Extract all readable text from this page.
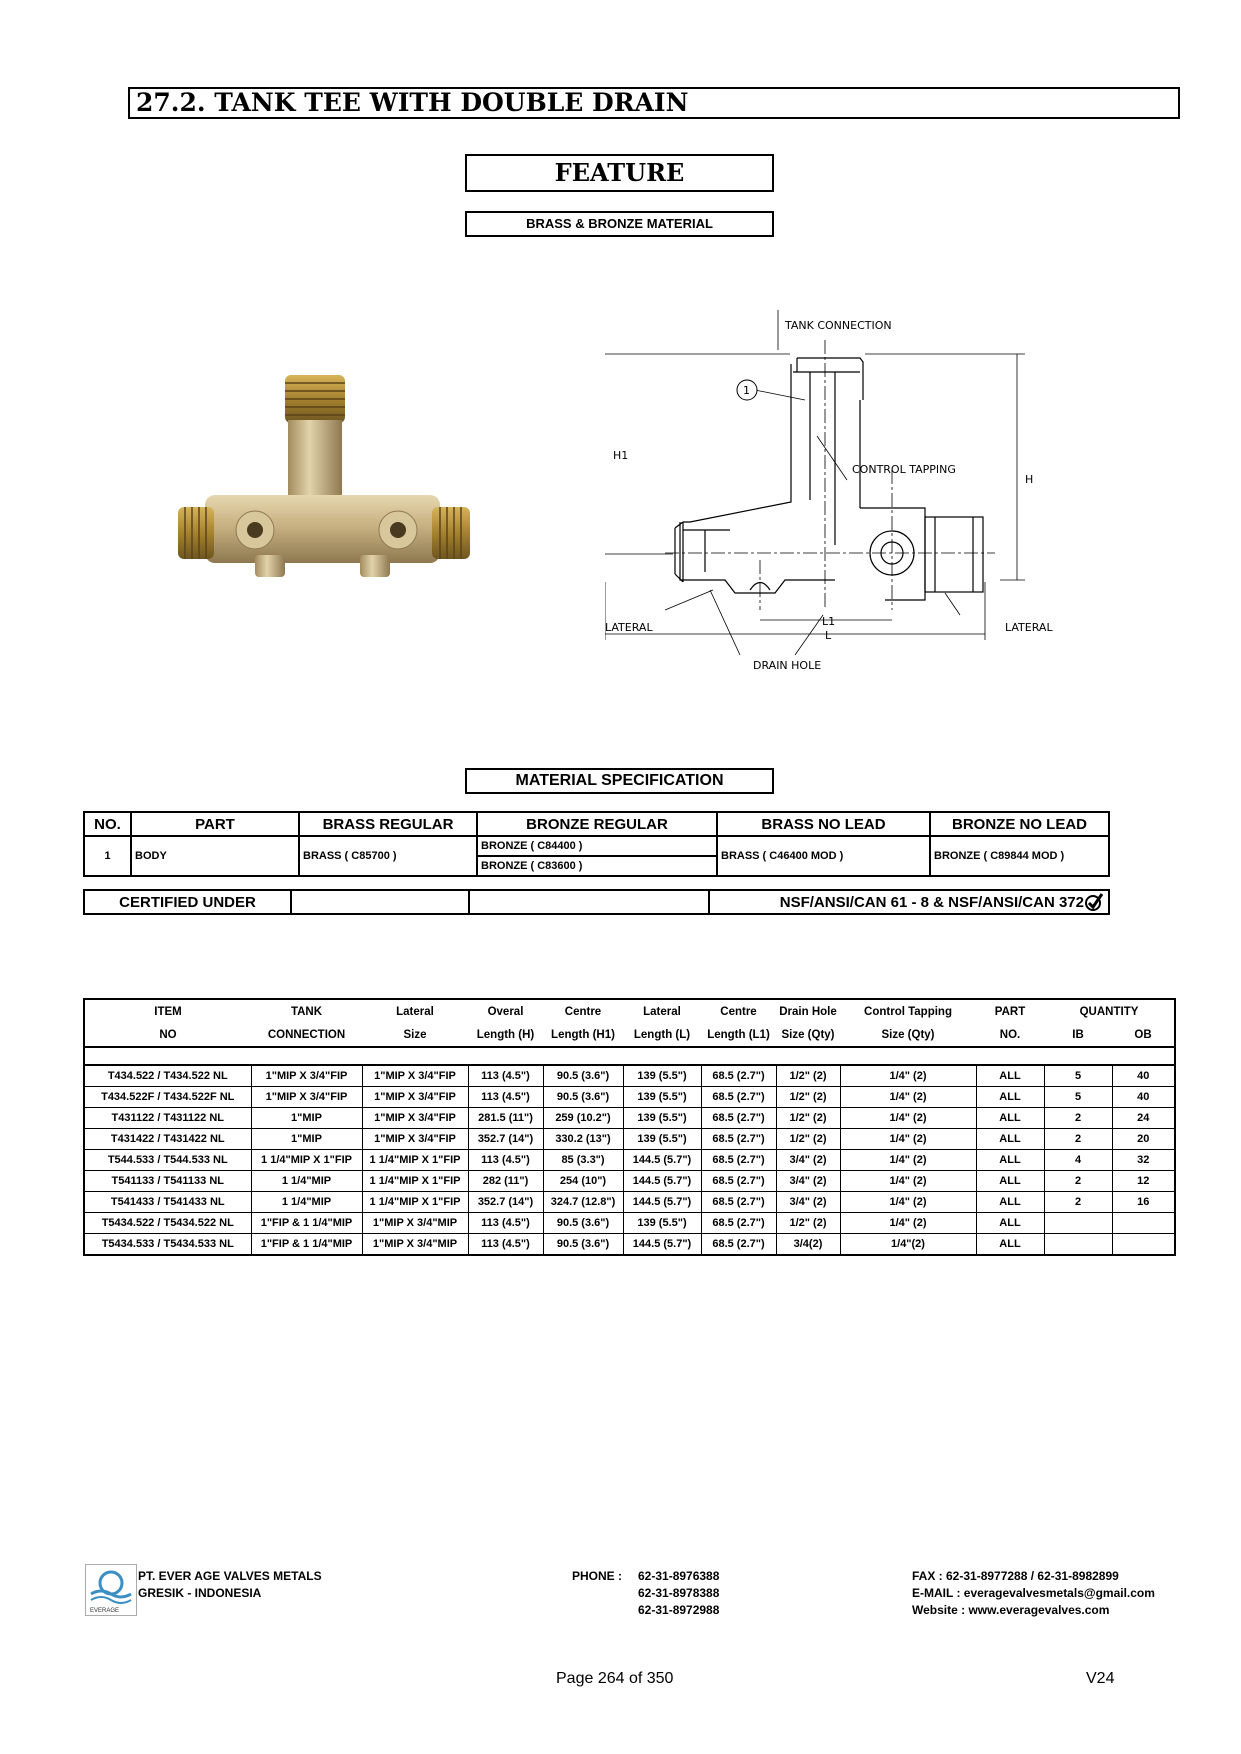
27.2. TANK TEE WITH DOUBLE DRAIN
FEATURE
BRASS & BRONZE MATERIAL
1
TANK CONNECTION
CONTROL TAPPING
H1
H
LATERAL	LATERAL
L1
L
DRAIN HOLE
MATERIAL SPECIFICATION
NO.	PART	BRASS REGULAR	BRONZE REGULAR	BRASS NO LEAD	BRONZE NO LEAD
1	BODY	BRASS ( C85700 )	BRONZE ( C84400 )	BRASS ( C46400 MOD )	BRONZE ( C89844 MOD )
			BRONZE ( C83600 )		
CERTIFIED UNDER			NSF/ANSI/CAN 61 - 8 & NSF/ANSI/CAN 372
ITEM	TANK	Lateral	Overal	Centre	Lateral	Centre	Drain Hole	Control Tapping	PART	QUANTITY	
NO	CONNECTION	Size	Length (H)	Length (H1)	Length (L)	Length (L1)	Size (Qty)	Size (Qty)	NO.	IB	OB

T434.522 / T434.522 NL	1"MIP X 3/4"FIP	1"MIP X 3/4"FIP	113 (4.5")	90.5 (3.6")	139 (5.5")	68.5 (2.7")	1/2" (2)	1/4" (2)	ALL	5	40
T434.522F / T434.522F NL	1"MIP X 3/4"FIP	1"MIP X 3/4"FIP	113 (4.5")	90.5 (3.6")	139 (5.5")	68.5 (2.7")	1/2" (2)	1/4" (2)	ALL	5	40
T431122 / T431122 NL	1"MIP	1"MIP X 3/4"FIP	281.5 (11")	259 (10.2")	139 (5.5")	68.5 (2.7")	1/2" (2)	1/4" (2)	ALL	2	24
T431422 / T431422 NL	1"MIP	1"MIP X 3/4"FIP	352.7 (14")	330.2 (13")	139 (5.5")	68.5 (2.7")	1/2" (2)	1/4" (2)	ALL	2	20
T544.533 / T544.533 NL	1 1/4"MIP X 1"FIP	1 1/4"MIP X 1"FIP	113 (4.5")	85 (3.3")	144.5 (5.7")	68.5 (2.7")	3/4" (2)	1/4" (2)	ALL	4	32
T541133 / T541133 NL	1 1/4"MIP	1 1/4"MIP X 1"FIP	282 (11")	254 (10")	144.5 (5.7")	68.5 (2.7")	3/4" (2)	1/4" (2)	ALL	2	12
T541433 / T541433 NL	1 1/4"MIP	1 1/4"MIP X 1"FIP	352.7 (14")	324.7 (12.8")	144.5 (5.7")	68.5 (2.7")	3/4" (2)	1/4" (2)	ALL	2	16
T5434.522 / T5434.522 NL	1"FIP & 1 1/4"MIP	1"MIP X 3/4"MIP	113 (4.5")	90.5 (3.6")	139 (5.5")	68.5 (2.7")	1/2" (2)	1/4" (2)	ALL		
T5434.533 / T5434.533 NL	1"FIP & 1 1/4"MIP	1"MIP X 3/4"MIP	113 (4.5")	90.5 (3.6")	144.5 (5.7")	68.5 (2.7")	3/4(2)	1/4"(2)	ALL		
EVERAGE
PT. EVER AGE VALVES METALS
GRESIK - INDONESIA
PHONE : 62-31-8976388
62-31-8978388
62-31-8972988
FAX : 62-31-8977288 / 62-31-8982899
E-MAIL : everagevalvesmetals@gmail.com
Website : www.everagevalves.com
Page 264 of 350	V24
